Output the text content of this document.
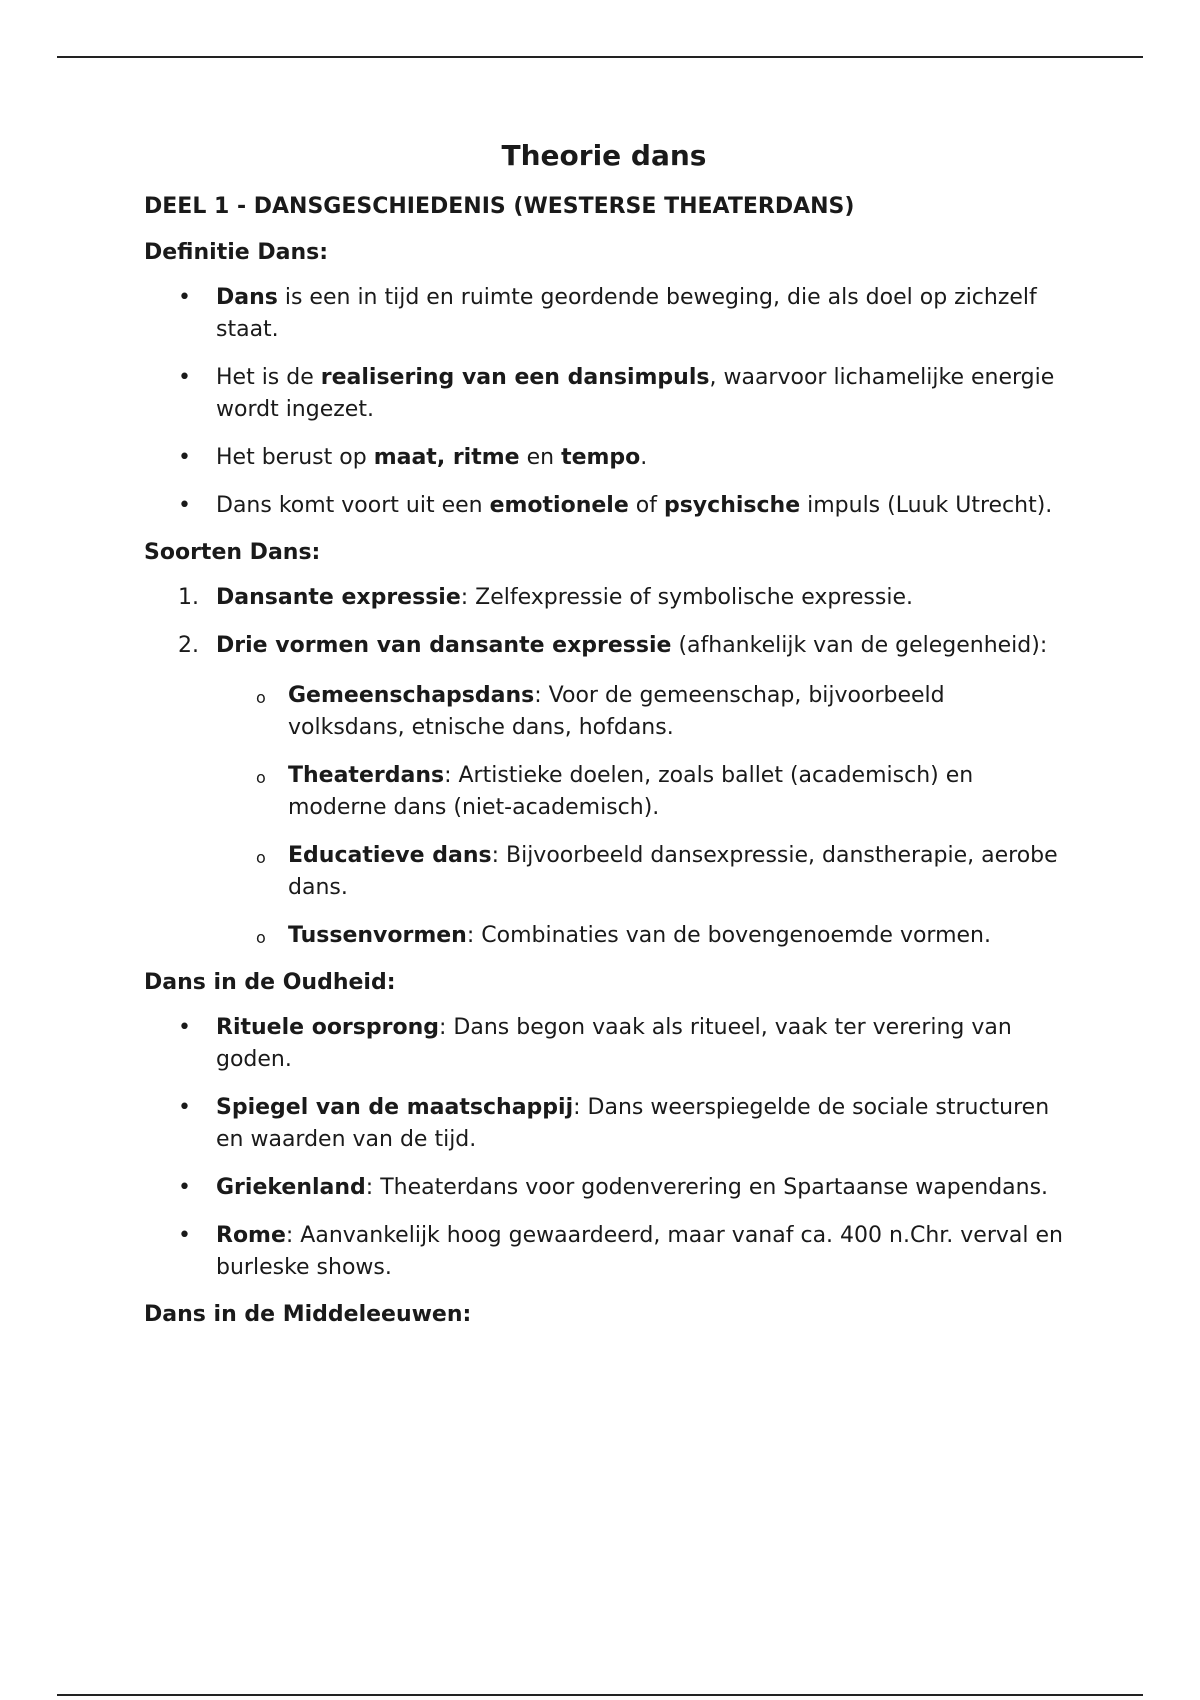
Theorie dans
DEEL 1 - DANSGESCHIEDENIS (WESTERSE THEATERDANS)
Definitie Dans:
• Dans is een in tijd en ruimte geordende beweging, die als doel op zichzelf staat.
• Het is de realisering van een dansimpuls, waarvoor lichamelijke energie wordt ingezet.
• Het berust op maat, ritme en tempo.
• Dans komt voort uit een emotionele of psychische impuls (Luuk Utrecht).
Soorten Dans:
1. Dansante expressie: Zelfexpressie of symbolische expressie.
2. Drie vormen van dansante expressie (afhankelijk van de gelegenheid):
o Gemeenschapsdans: Voor de gemeenschap, bijvoorbeeld volksdans, etnische dans, hofdans.
o Theaterdans: Artistieke doelen, zoals ballet (academisch) en moderne dans (niet-academisch).
o Educatieve dans: Bijvoorbeeld dansexpressie, danstherapie, aerobe dans.
o Tussenvormen: Combinaties van de bovengenoemde vormen.
Dans in de Oudheid:
• Rituele oorsprong: Dans begon vaak als ritueel, vaak ter verering van goden.
• Spiegel van de maatschappij: Dans weerspiegelde de sociale structuren en waarden van de tijd.
• Griekenland: Theaterdans voor godenverering en Spartaanse wapendans.
• Rome: Aanvankelijk hoog gewaardeerd, maar vanaf ca. 400 n.Chr. verval en burleske shows.
Dans in de Middeleeuwen:
